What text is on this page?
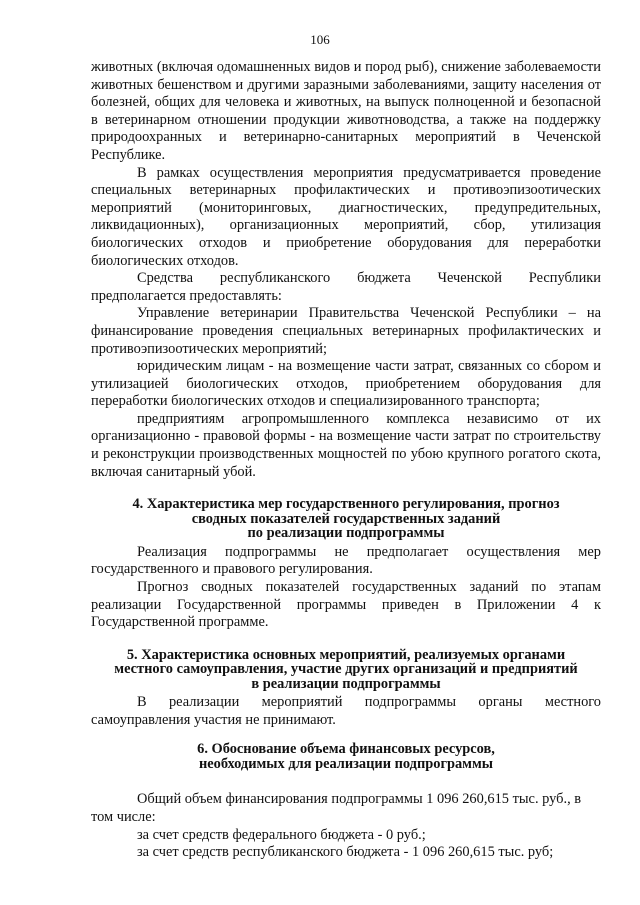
106

животных (включая одомашненных видов и пород рыб), снижение заболеваемости животных бешенством и другими заразными заболеваниями, защиту населения от болезней, общих для человека и животных, на выпуск полноценной и безопасной в ветеринарном отношении продукции животноводства, а также на поддержку природоохранных и ветеринарно-санитарных мероприятий в Чеченской Республике.

В рамках осуществления мероприятия предусматривается проведение специальных ветеринарных профилактических и противоэпизоотических мероприятий (мониторинговых, диагностических, предупредительных, ликвидационных), организационных мероприятий, сбор, утилизация биологических отходов и приобретение оборудования для переработки биологических отходов.

Средства республиканского бюджета Чеченской Республики предполагается предоставлять:

Управление ветеринарии Правительства Чеченской Республики – на финансирование проведения специальных ветеринарных профилактических и противоэпизоотических мероприятий;

юридическим лицам - на возмещение части затрат, связанных со сбором и утилизацией биологических отходов, приобретением оборудования для переработки биологических отходов и специализированного транспорта;

предприятиям агропромышленного комплекса независимо от их организационно - правовой формы - на возмещение части затрат по строительству и реконструкции производственных мощностей по убою крупного рогатого скота, включая санитарный убой.

4. Характеристика мер государственного регулирования, прогноз
сводных показателей государственных заданий
по реализации подпрограммы

Реализация подпрограммы не предполагает осуществления мер государственного и правового регулирования.

Прогноз сводных показателей государственных заданий по этапам реализации Государственной программы приведен в Приложении 4 к Государственной программе.

5. Характеристика основных мероприятий, реализуемых органами
местного самоуправления, участие других организаций и предприятий
в реализации подпрограммы

В реализации мероприятий подпрограммы органы местного самоуправления участия не принимают.

6. Обоснование объема финансовых ресурсов,
необходимых для реализации подпрограммы

Общий объем финансирования подпрограммы 1 096 260,615 тыс. руб., в том числе:

за счет средств федерального бюджета - 0 руб.;

за счет средств республиканского бюджета - 1 096 260,615 тыс. руб;
